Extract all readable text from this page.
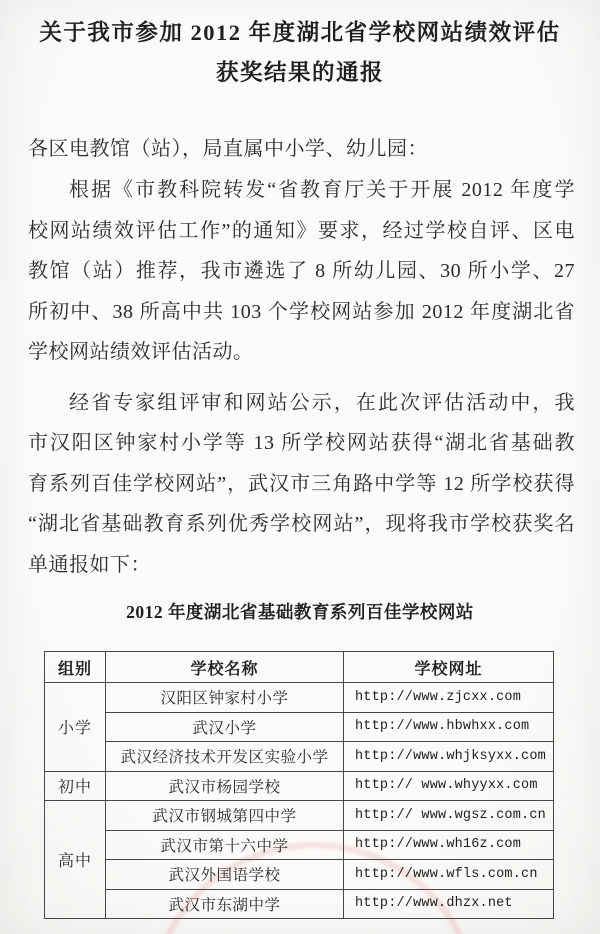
关于我市参加 2012 年度湖北省学校网站绩效评估
获奖结果的通报

各区电教馆（站），局直属中小学、幼儿园：

根据《市教科院转发“省教育厅关于开展 2012 年度学
校网站绩效评估工作”的通知》要求，经过学校自评、区电
教馆（站）推荐，我市遴选了 8 所幼儿园、30 所小学、27
所初中、38 所高中共 103 个学校网站参加 2012 年度湖北省
学校网站绩效评估活动。
经省专家组评审和网站公示，在此次评估活动中，我
市汉阳区钟家村小学等 13 所学校网站获得“湖北省基础教
育系列百佳学校网站”，武汉市三角路中学等 12 所学校获得
“湖北省基础教育系列优秀学校网站”，现将我市学校获奖名
单通报如下：
2012 年度湖北省基础教育系列百佳学校网站
组别	学校名称	学校网址
小学	汉阳区钟家村小学	http://www.zjcxx.com
	武汉小学	http://www.hbwhxx.com
	武汉经济技术开发区实验小学	http://www.whjksyxx.com
初中	武汉市杨园学校	http:// www.whyyxx.com
高中	武汉市钢城第四中学	http:// www.wgsz.com.cn
	武汉市第十六中学	http://www.wh16z.com
	武汉外国语学校	http://www.wfls.com.cn
	武汉市东湖中学	http://www.dhzx.net
